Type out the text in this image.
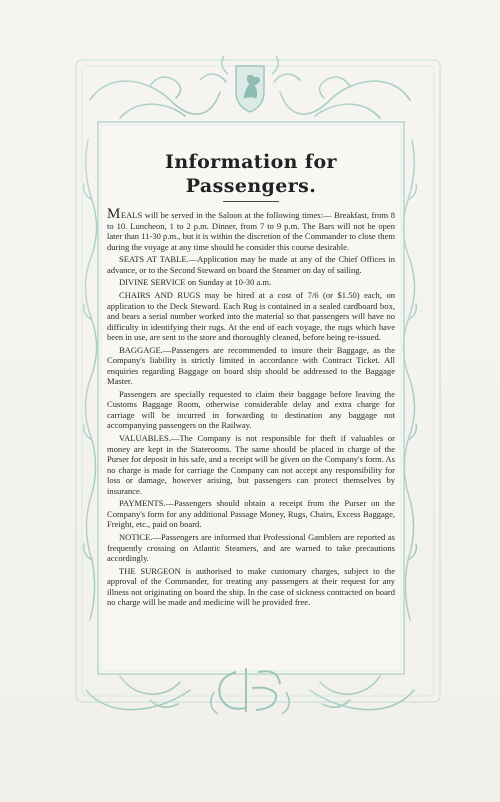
Information for Passengers.

MEALS will be served in the Saloon at the following times:— Breakfast, from 8 to 10. Luncheon, 1 to 2 p.m. Dinner, from 7 to 9 p.m. The Bars will not be open later than 11-30 p.m., but it is within the discretion of the Commander to close them during the voyage at any time should he consider this course desirable.

SEATS AT TABLE.—Application may be made at any of the Chief Offices in advance, or to the Second Steward on board the Steamer on day of sailing.

DIVINE SERVICE on Sunday at 10-30 a.m.

CHAIRS AND RUGS may be hired at a cost of 7/6 (or $1.50) each, on application to the Deck Steward. Each Rug is contained in a sealed cardboard box, and bears a serial number worked into the material so that passengers will have no difficulty in identifying their rugs. At the end of each voyage, the rugs which have been in use, are sent to the store and thoroughly cleaned, before being re-issued.

BAGGAGE.—Passengers are recommended to insure their Baggage, as the Company's liability is strictly limited in accordance with Contract Ticket. All enquiries regarding Baggage on board ship should be addressed to the Baggage Master.

Passengers are specially requested to claim their baggage before leaving the Customs Baggage Room, otherwise considerable delay and extra charge for carriage will be incurred in forwarding to destination any baggage not accompanying passengers on the Railway.

VALUABLES.—The Company is not responsible for theft if valuables or money are kept in the Staterooms. The same should be placed in charge of the Purser for deposit in his safe, and a receipt will be given on the Company's form. As no charge is made for carriage the Company can not accept any responsibility for loss or damage, however arising, but passengers can protect themselves by insurance.

PAYMENTS.—Passengers should obtain a receipt from the Purser on the Company's form for any additional Passage Money, Rugs, Chairs, Excess Baggage, Freight, etc., paid on board.

NOTICE.—Passengers are informed that Professional Gamblers are reported as frequently crossing on Atlantic Steamers, and are warned to take precautions accordingly.

THE SURGEON is authorised to make customary charges, subject to the approval of the Commander, for treating any passengers at their request for any illness not originating on board the ship. In the case of sickness contracted on board no charge will be made and medicine will be provided free.
